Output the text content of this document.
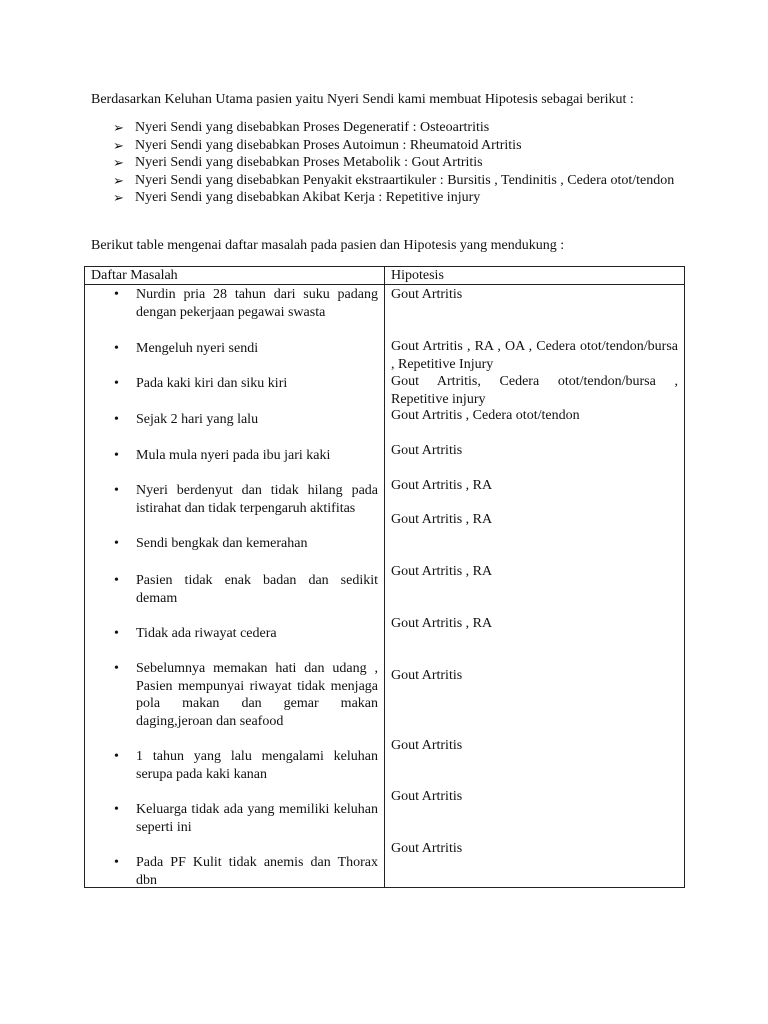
Berdasarkan Keluhan Utama pasien yaitu Nyeri Sendi kami membuat Hipotesis sebagai berikut :
➢ Nyeri Sendi yang disebabkan Proses Degeneratif : Osteoartritis
➢ Nyeri Sendi yang disebabkan Proses Autoimun : Rheumatoid Artritis
➢ Nyeri Sendi yang disebabkan Proses Metabolik : Gout Artritis
➢ Nyeri Sendi yang disebabkan Penyakit ekstraartikuler : Bursitis , Tendinitis , Cedera otot/tendon
➢ Nyeri Sendi yang disebabkan Akibat Kerja : Repetitive injury
Berikut table mengenai daftar masalah pada pasien dan Hipotesis yang mendukung :
Daftar Masalah	Hipotesis
• Nurdin pria 28 tahun dari suku padang dengan pekerjaan pegawai swasta
• Mengeluh nyeri sendi
• Pada kaki kiri dan siku kiri
• Sejak 2 hari yang lalu
• Mula mula nyeri pada ibu jari kaki
• Nyeri berdenyut dan tidak hilang pada istirahat dan tidak terpengaruh aktifitas
• Sendi bengkak dan kemerahan
• Pasien tidak enak badan dan sedikit demam
• Tidak ada riwayat cedera
• Sebelumnya memakan hati dan udang , Pasien mempunyai riwayat tidak menjaga pola makan dan gemar makan daging,jeroan dan seafood
• 1 tahun yang lalu mengalami keluhan serupa pada kaki kanan
• Keluarga tidak ada yang memiliki keluhan seperti ini
• Pada PF Kulit tidak anemis dan Thorax dbn
Gout Artritis
Gout Artritis , RA , OA , Cedera otot/tendon/bursa , Repetitive Injury
Gout Artritis, Cedera otot/tendon/bursa , Repetitive injury
Gout Artritis , Cedera otot/tendon
Gout Artritis
Gout Artritis , RA
Gout Artritis , RA
Gout Artritis , RA
Gout Artritis , RA
Gout Artritis
Gout Artritis
Gout Artritis
Gout Artritis
